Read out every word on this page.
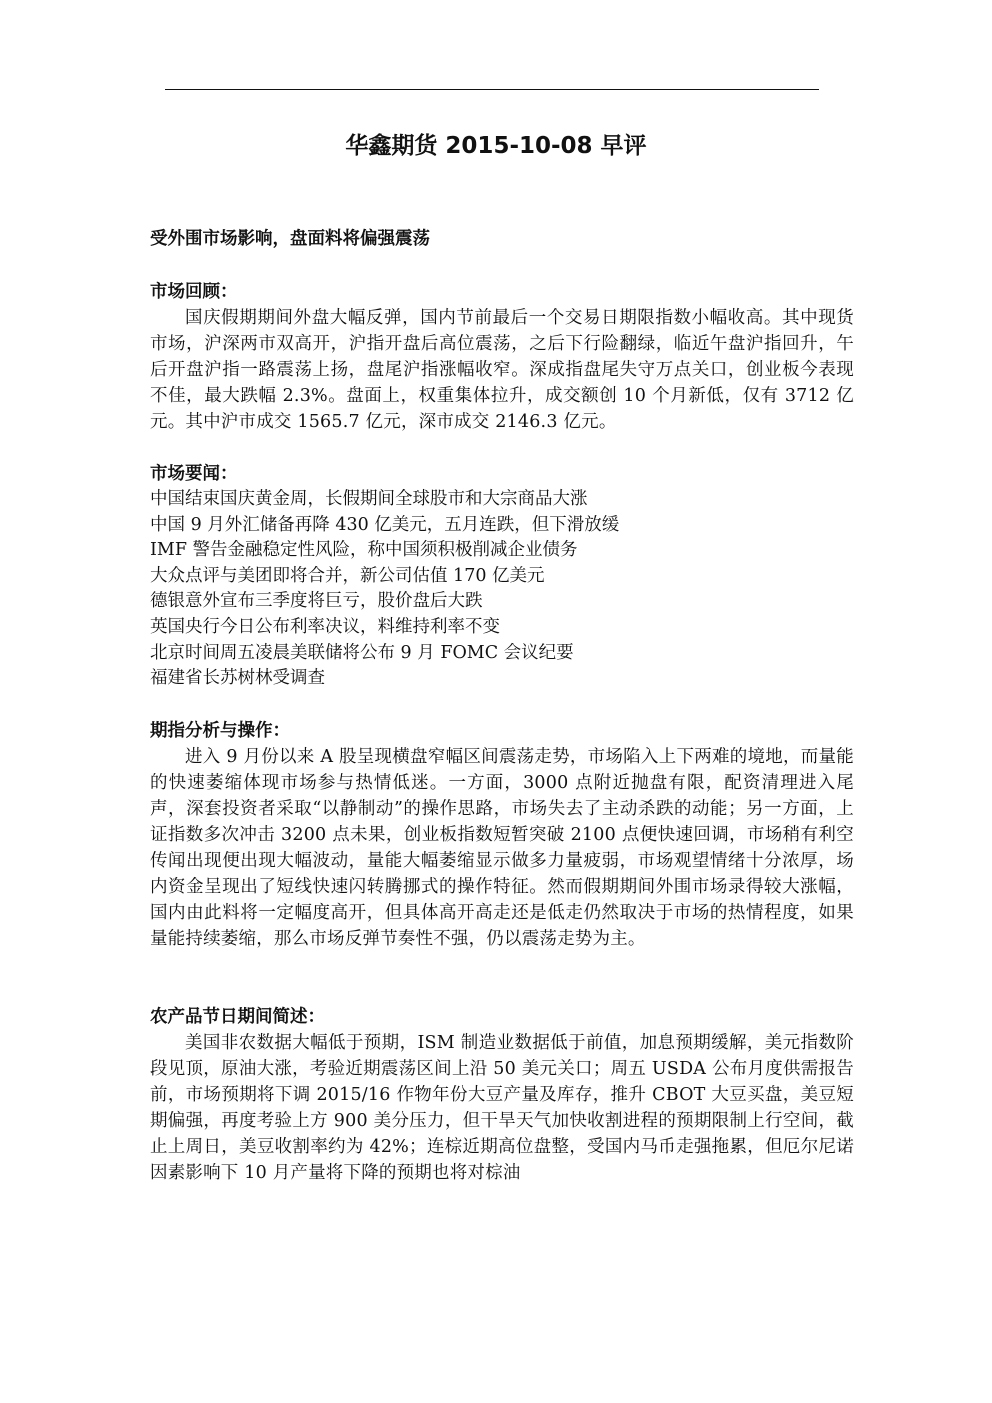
华鑫期货 2015-10-08 早评
受外围市场影响，盘面料将偏强震荡
市场回顾：

国庆假期期间外盘大幅反弹，国内节前最后一个交易日期限指数小幅收高。其中现货市场，沪深两市双高开，沪指开盘后高位震荡，之后下行险翻绿，临近午盘沪指回升，午后开盘沪指一路震荡上扬，盘尾沪指涨幅收窄。深成指盘尾失守万点关口，创业板今表现不佳，最大跌幅 2.3%。盘面上，权重集体拉升，成交额创 10 个月新低，仅有 3712 亿元。其中沪市成交 1565.7 亿元，深市成交 2146.3 亿元。

市场要闻：
中国结束国庆黄金周，长假期间全球股市和大宗商品大涨
中国 9 月外汇储备再降 430 亿美元，五月连跌，但下滑放缓
IMF 警告金融稳定性风险，称中国须积极削减企业债务
大众点评与美团即将合并，新公司估值 170 亿美元
德银意外宣布三季度将巨亏，股价盘后大跌
英国央行今日公布利率决议，料维持利率不变
北京时间周五凌晨美联储将公布 9 月 FOMC 会议纪要
福建省长苏树林受调查
期指分析与操作：

进入 9 月份以来 A 股呈现横盘窄幅区间震荡走势，市场陷入上下两难的境地，而量能的快速萎缩体现市场参与热情低迷。一方面，3000 点附近抛盘有限，配资清理进入尾声，深套投资者采取“以静制动”的操作思路，市场失去了主动杀跌的动能；另一方面，上证指数多次冲击 3200 点未果，创业板指数短暂突破 2100 点便快速回调，市场稍有利空传闻出现便出现大幅波动，量能大幅萎缩显示做多力量疲弱，市场观望情绪十分浓厚，场内资金呈现出了短线快速闪转腾挪式的操作特征。然而假期期间外围市场录得较大涨幅，国内由此料将一定幅度高开，但具体高开高走还是低走仍然取决于市场的热情程度，如果量能持续萎缩，那么市场反弹节奏性不强，仍以震荡走势为主。

农产品节日期间简述：

美国非农数据大幅低于预期，ISM 制造业数据低于前值，加息预期缓解，美元指数阶段见顶，原油大涨，考验近期震荡区间上沿 50 美元关口；周五 USDA 公布月度供需报告前，市场预期将下调 2015/16 作物年份大豆产量及库存，推升 CBOT 大豆买盘，美豆短期偏强，再度考验上方 900 美分压力，但干旱天气加快收割进程的预期限制上行空间，截止上周日，美豆收割率约为 42%；连棕近期高位盘整，受国内马币走强拖累，但厄尔尼诺因素影响下 10 月产量将下降的预期也将对棕油
